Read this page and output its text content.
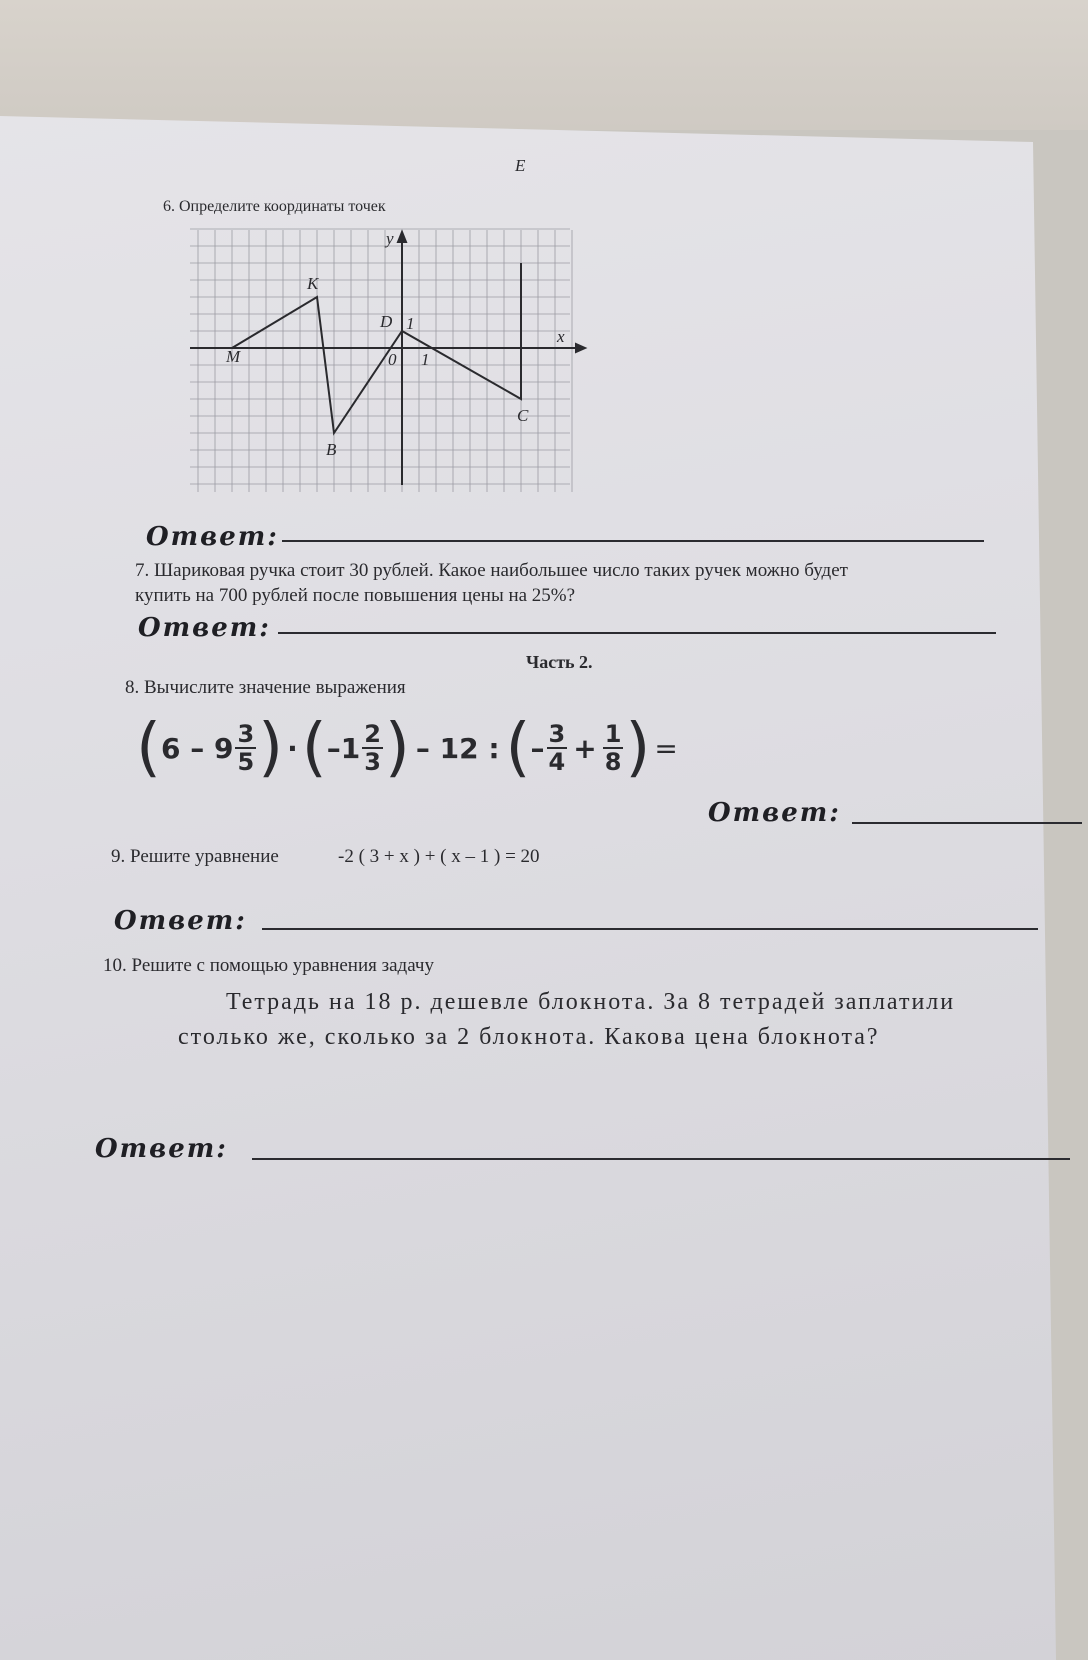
6. Определите координаты точек
M
K
B
D
C
E
x
y
0 1
1
Ответ:
7. Шариковая ручка стоит 30 рублей. Какое наибольшее число таких ручек можно будет
купить на 700 рублей после повышения цены на 25%?
Ответ:
Часть 2.
8. Вычислите значение выражения
( $6 - 9 \frac{3}{5}$ ) · ( $-1 \frac{2}{3}$ ) – 12 : ( – $\frac{3}{4} + \frac{1}{8}$ ) =
Ответ:
9. Решите уравнение	-2 ( 3 + x ) + ( x – 1 ) = 20
Ответ:
10. Решите с помощью уравнения задачу
Тетрадь на 18 р. дешевле блокнота. За 8 тетрадей заплатили столько же, сколько за 2 блокнота. Какова цена блокнота?
Ответ:
